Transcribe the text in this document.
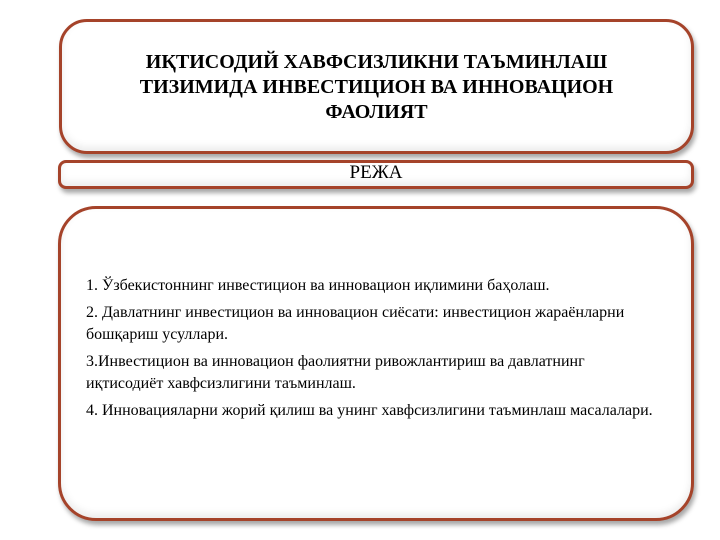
ИҚТИСОДИЙ ХАВФСИЗЛИКНИ ТАЪМИНЛАШ
ТИЗИМИДА ИНВЕСТИЦИОН ВА ИННОВАЦИОН
ФАОЛИЯТ
РЕЖА
1. Ўзбекистоннинг инвестицион ва инновацион иқлимини баҳолаш.
2. Давлатнинг инвестицион ва инновацион сиёсати: инвестицион жараёнларни бошқариш усуллари.
3.Инвестицион ва инновацион фаолиятни ривожлантириш ва давлатнинг иқтисодиёт хавфсизлигини таъминлаш.
4. Инновацияларни жорий қилиш ва унинг хавфсизлигини таъминлаш масалалари.
